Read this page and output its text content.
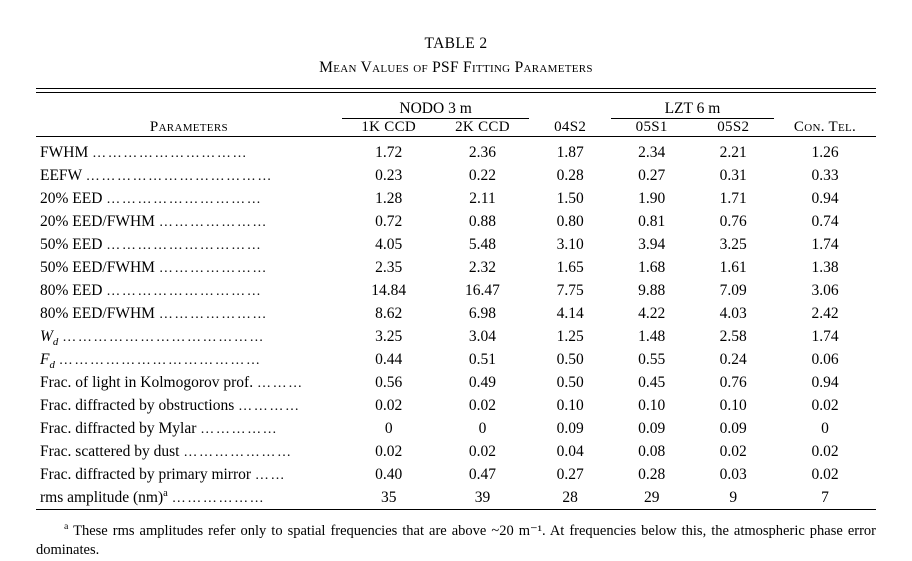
TABLE 2
Mean Values of PSF Fitting Parameters

	NODO 3 m			LZT 6 m		
Parameters	1K CCD	2K CCD	04S2	05S1	05S2	Con. Tel.

FWHM …………………………	1.72	2.36	1.87	2.34	2.21	1.26
EEFW ………………………………	0.23	0.22	0.28	0.27	0.31	0.33
20% EED …………………………	1.28	2.11	1.50	1.90	1.71	0.94
20% EED/FWHM …………………	0.72	0.88	0.80	0.81	0.76	0.74
50% EED …………………………	4.05	5.48	3.10	3.94	3.25	1.74
50% EED/FWHM …………………	2.35	2.32	1.65	1.68	1.61	1.38
80% EED …………………………	14.84	16.47	7.75	9.88	7.09	3.06
80% EED/FWHM …………………	8.62	6.98	4.14	4.22	4.03	2.42
$W_d$ …………………………………	3.25	3.04	1.25	1.48	2.58	1.74
$F_d$ …………………………………	0.44	0.51	0.50	0.55	0.24	0.06
Frac. of light in Kolmogorov prof. ………	0.56	0.49	0.50	0.45	0.76	0.94
Frac. diffracted by obstructions …………	0.02	0.02	0.10	0.10	0.10	0.02
Frac. diffracted by Mylar ……………	0	0	0.09	0.09	0.09	0
Frac. scattered by dust …………………	0.02	0.02	0.04	0.08	0.02	0.02
Frac. diffracted by primary mirror ……	0.40	0.47	0.27	0.28	0.03	0.02
rms amplitude (nm)$^a$ ………………	35	39	28	29	9	7

$^a$ These rms amplitudes refer only to spatial frequencies that are above ~20 m⁻¹. At frequencies below this, the atmospheric phase error dominates.
